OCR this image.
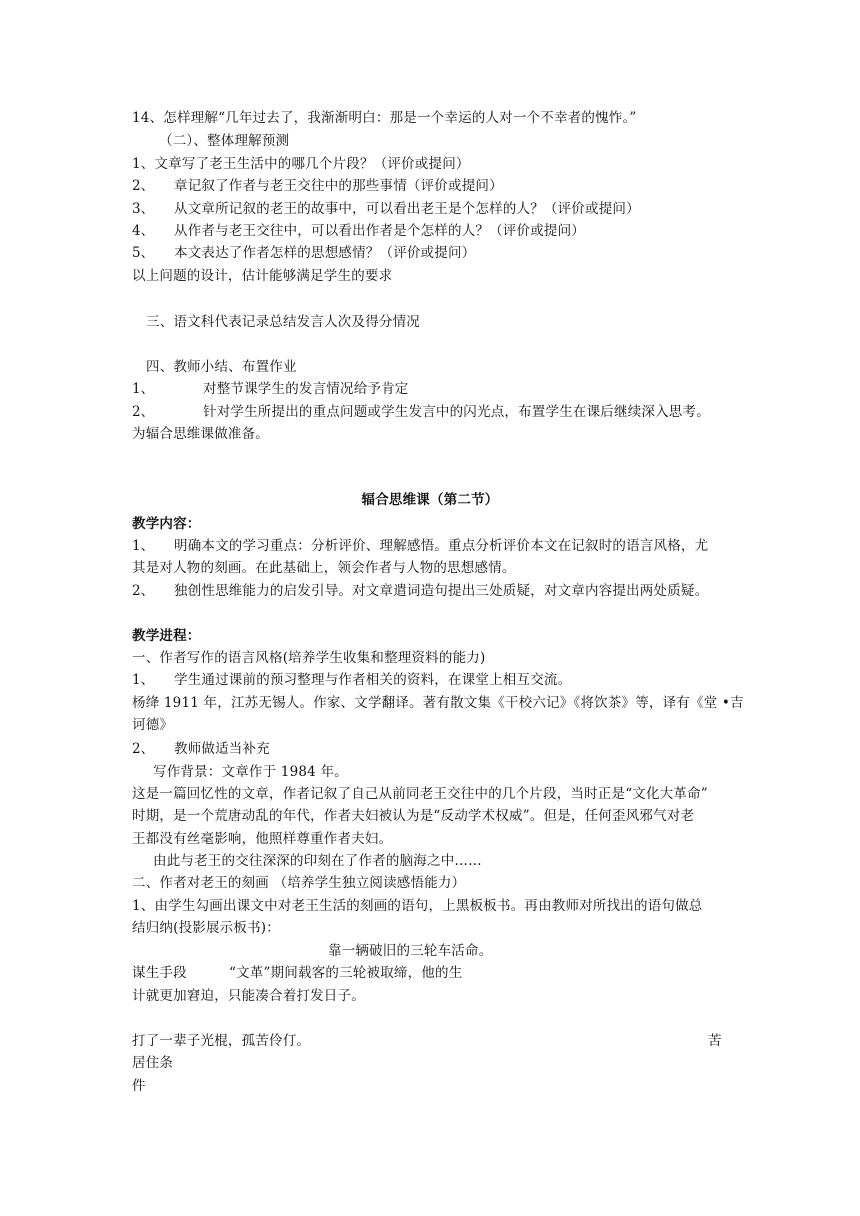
14、怎样理解“几年过去了，我渐渐明白：那是一个幸运的人对一个不幸者的愧怍。”
（二）、整体理解预测
1、文章写了老王生活中的哪几个片段？（评价或提问）
2、 章记叙了作者与老王交往中的那些事情（评价或提问）
3、 从文章所记叙的老王的故事中，可以看出老王是个怎样的人？（评价或提问）
4、 从作者与老王交往中，可以看出作者是个怎样的人？（评价或提问）
5、 本文表达了作者怎样的思想感情？（评价或提问）
以上问题的设计，估计能够满足学生的要求
三、语文科代表记录总结发言人次及得分情况
四、教师小结、布置作业
1、	对整节课学生的发言情况给予肯定
2、	针对学生所提出的重点问题或学生发言中的闪光点，布置学生在课后继续深入思考。
为辐合思维课做准备。
辐合思维课（第二节）
教学内容：
1、 明确本文的学习重点：分析评价、理解感悟。重点分析评价本文在记叙时的语言风格，尤
其是对人物的刻画。在此基础上，领会作者与人物的思想感情。
2、 独创性思维能力的启发引导。对文章遣词造句提出三处质疑，对文章内容提出两处质疑。
教学进程：
一、作者写作的语言风格(培养学生收集和整理资料的能力)
1、 学生通过课前的预习整理与作者相关的资料，在课堂上相互交流。
杨绛 1911 年，江苏无锡人。作家、文学翻译。著有散文集《干校六记》《将饮茶》等，译有《堂 •吉
诃德》
2、 教师做适当补充
写作背景：文章作于 1984 年。
这是一篇回忆性的文章，作者记叙了自己从前同老王交往中的几个片段，当时正是“文化大革命”
时期，是一个荒唐动乱的年代，作者夫妇被认为是“反动学术权威”。但是，任何歪风邪气对老
王都没有丝毫影响，他照样尊重作者夫妇。
由此与老王的交往深深的印刻在了作者的脑海之中……
二、作者对老王的刻画 （培养学生独立阅读感悟能力）
1、由学生勾画出课文中对老王生活的刻画的语句，上黑板板书。再由教师对所找出的语句做总
结归纳(投影展示板书)：
靠一辆破旧的三轮车活命。
谋生手段	“文革”期间载客的三轮被取缔，他的生
计就更加窘迫，只能凑合着打发日子。
打了一辈子光棍，孤苦伶仃。	苦
居住条
件
